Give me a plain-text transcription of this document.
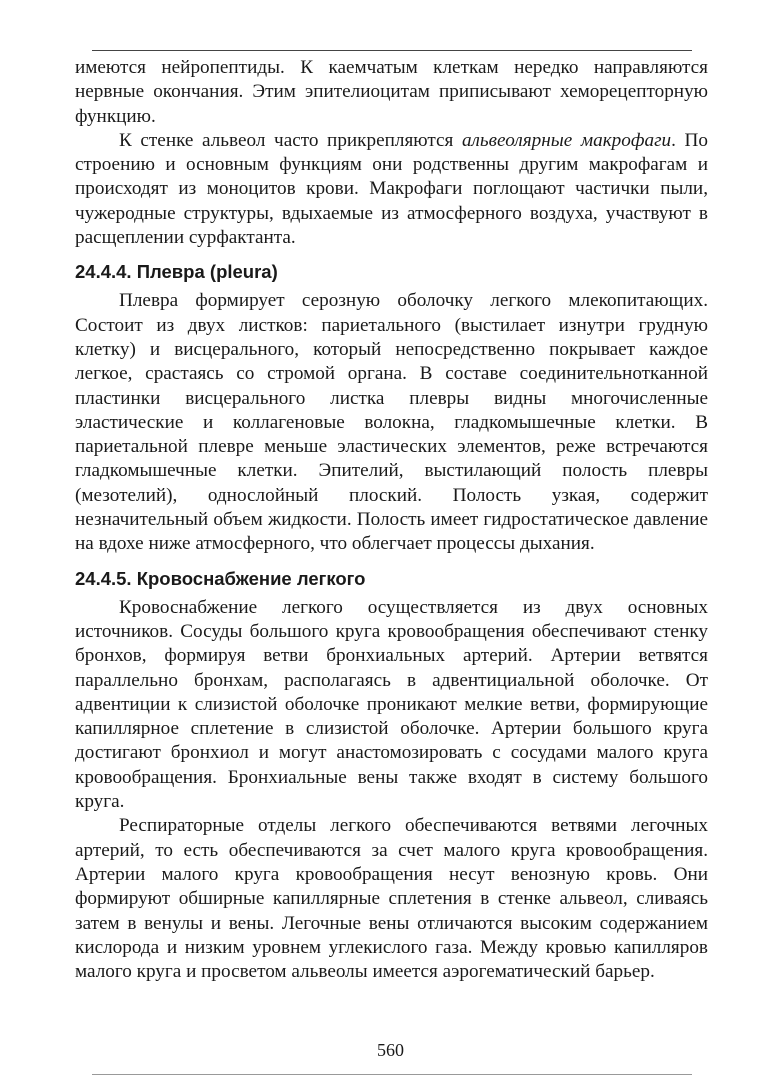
имеются нейропептиды. К каемчатым клеткам нередко направляются нервные окончания. Этим эпителиоцитам приписывают хеморецепторную функцию.

К стенке альвеол часто прикрепляются альвеолярные макрофаги. По строению и основным функциям они родственны другим макрофагам и происходят из моноцитов крови. Макрофаги поглощают частички пыли, чужеродные структуры, вдыхаемые из атмосферного воздуха, участвуют в расщеплении сурфактанта.

24.4.4. Плевра (pleura)

Плевра формирует серозную оболочку легкого млекопитающих. Состоит из двух листков: париетального (выстилает изнутри грудную клетку) и висцерального, который непосредственно покрывает каждое легкое, срастаясь со стромой органа. В составе соединительнотканной пластинки висцерального листка плевры видны многочисленные эластические и коллагеновые волокна, гладкомышечные клетки. В париетальной плевре меньше эластических элементов, реже встречаются гладкомышечные клетки. Эпителий, выстилающий полость плевры (мезотелий), однослойный плоский. Полость узкая, содержит незначительный объем жидкости. Полость имеет гидростатическое давление на вдохе ниже атмосферного, что облегчает процессы дыхания.

24.4.5. Кровоснабжение легкого

Кровоснабжение легкого осуществляется из двух основных источников. Сосуды большого круга кровообращения обеспечивают стенку бронхов, формируя ветви бронхиальных артерий. Артерии ветвятся параллельно бронхам, располагаясь в адвентициальной оболочке. От адвентиции к слизистой оболочке проникают мелкие ветви, формирующие капиллярное сплетение в слизистой оболочке. Артерии большого круга достигают бронхиол и могут анастомозировать с сосудами малого круга кровообращения. Бронхиальные вены также входят в систему большого круга.

Респираторные отделы легкого обеспечиваются ветвями легочных артерий, то есть обеспечиваются за счет малого круга кровообращения. Артерии малого круга кровообращения несут венозную кровь. Они формируют обширные капиллярные сплетения в стенке альвеол, сливаясь затем в венулы и вены. Легочные вены отличаются высоким содержанием кислорода и низким уровнем углекислого газа. Между кровью капилляров малого круга и просветом альвеолы имеется аэрогематический барьер.

560
